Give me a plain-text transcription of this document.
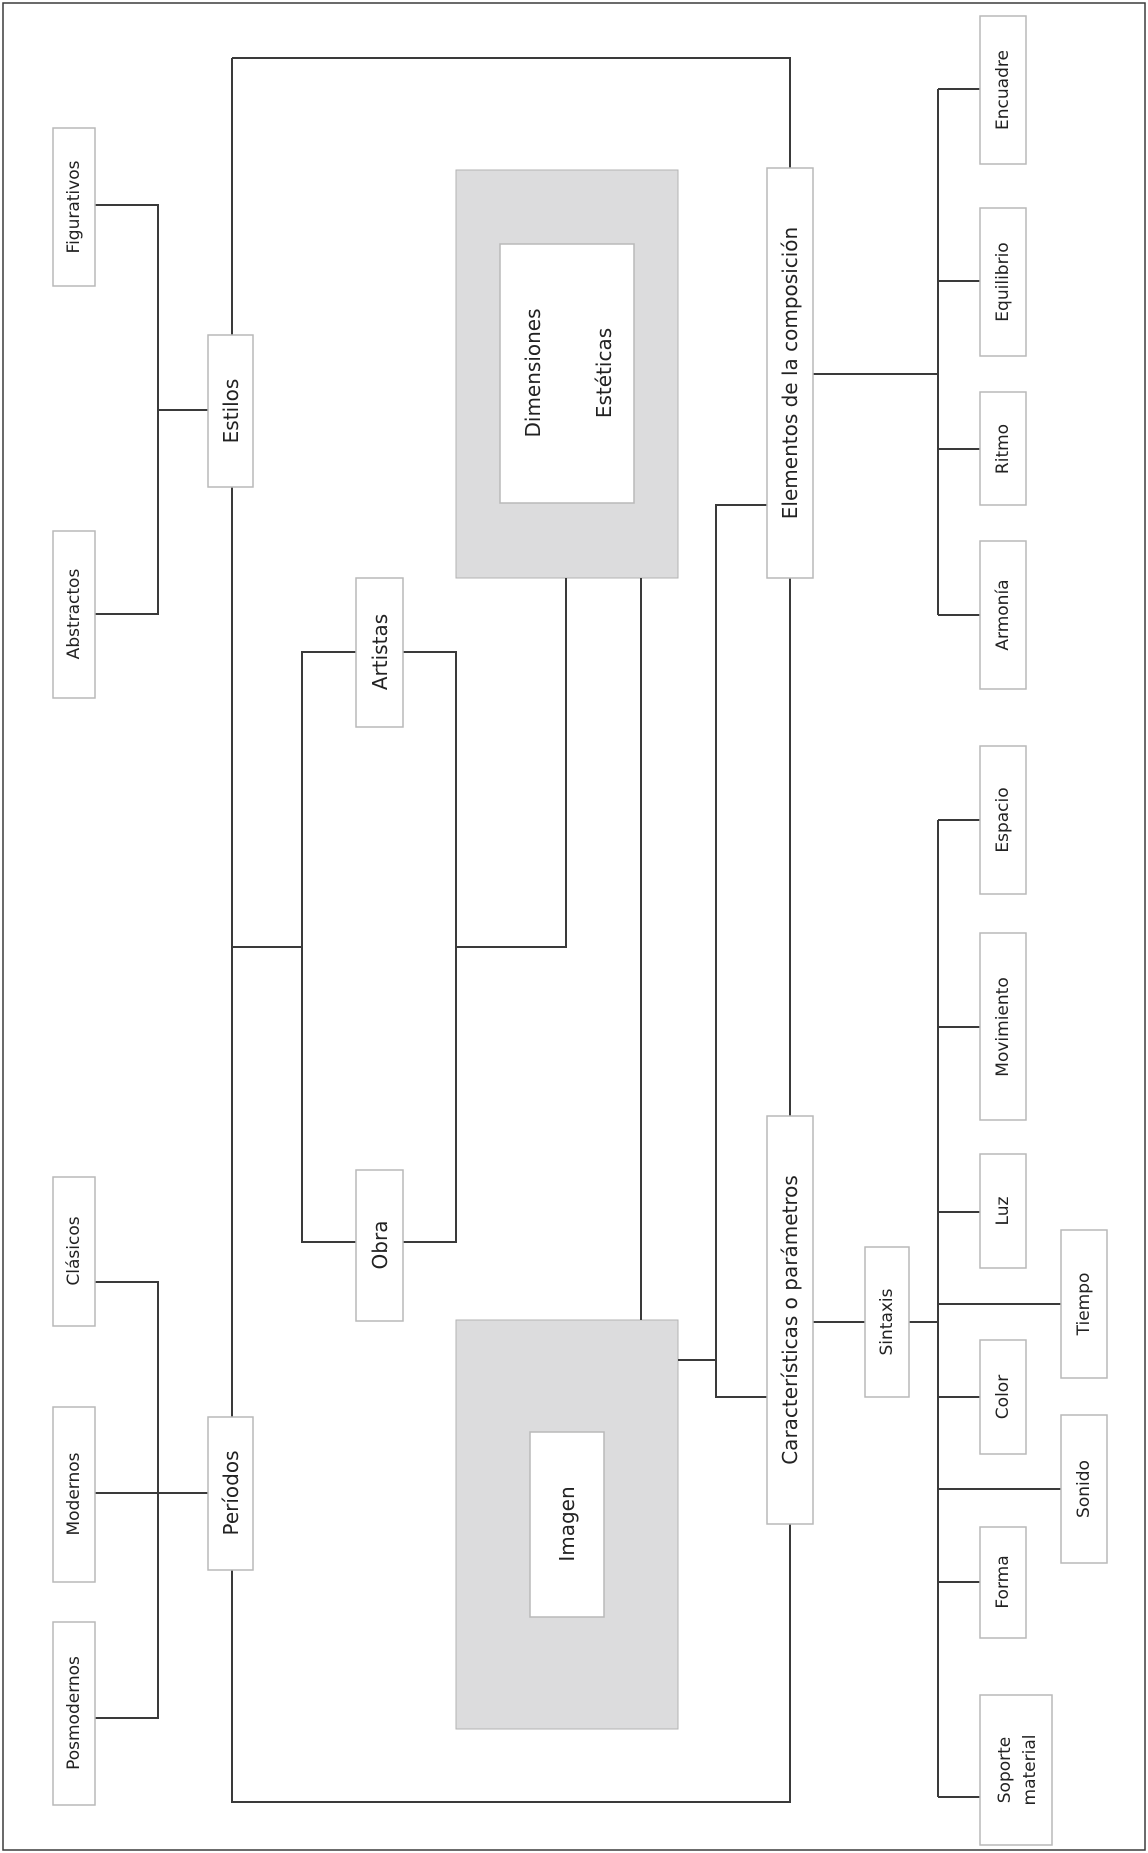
Figurativos
Abstractos
Estilos
Clásicos
Modernos
Posmodernos
Períodos
Artistas
Obra
Dimensiones Estéticas
Imagen
Elementos de la composición
Características o parámetros	Sintaxis
Encuadre
Equilibrio
Ritmo
Armonía
Espacio
Movimiento
Luz
Tiempo
Color
Sonido
Forma
Soporte material
